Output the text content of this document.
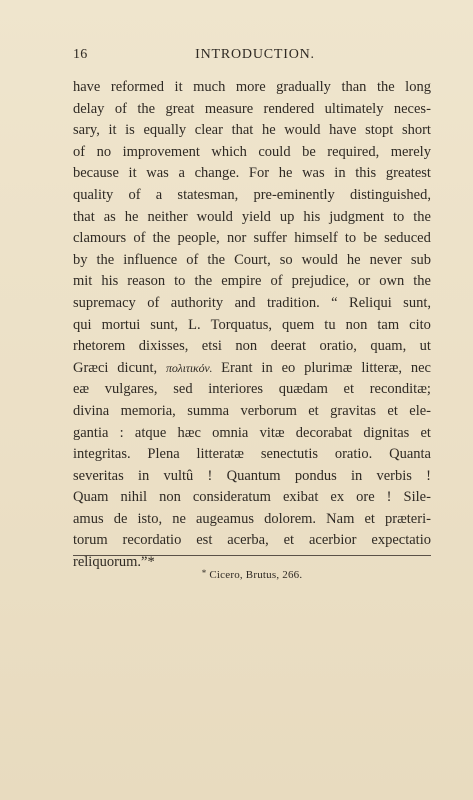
16	INTRODUCTION.
have reformed it much more gradually than the long
delay of the great measure rendered ultimately neces-
sary, it is equally clear that he would have stopt short
of no improvement which could be required, merely
because it was a change. For he was in this greatest
quality of a statesman, pre-eminently distinguished,
that as he neither would yield up his judgment to the
clamours of the people, nor suffer himself to be seduced
by the influence of the Court, so would he never sub
mit his reason to the empire of prejudice, or own the
supremacy of authority and tradition. “ Reliqui sunt,
qui mortui sunt, L. Torquatus, quem tu non tam cito
rhetorem dixisses, etsi non deerat oratio, quam, ut
Græci dicunt, πολιτικόν. Erant in eo plurimæ litteræ, nec
eæ vulgares, sed interiores quædam et reconditæ;
divina memoria, summa verborum et gravitas et ele-
gantia : atque hæc omnia vitæ decorabat dignitas et
integritas. Plena litteratæ senectutis oratio. Quanta
severitas in vultû ! Quantum pondus in verbis !
Quam nihil non consideratum exibat ex ore ! Sile-
amus de isto, ne augeamus dolorem. Nam et præteri-
torum recordatio est acerba, et acerbior expectatio
reliquorum.”*
* Cicero, Brutus, 266.
